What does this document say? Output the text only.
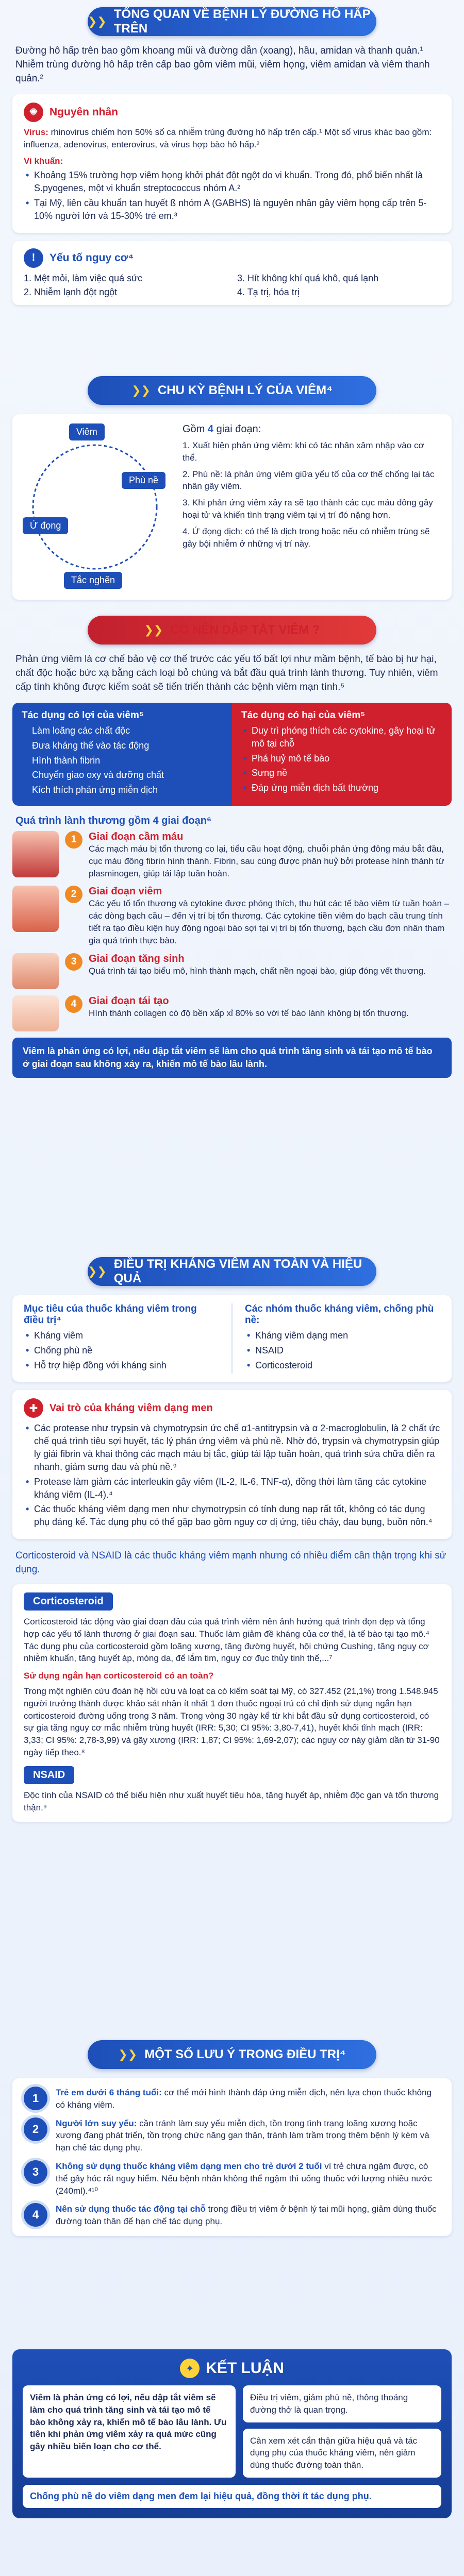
❯❯
TỔNG QUAN VỀ BỆNH LÝ ĐƯỜNG HÔ HẤP TRÊN

Đường hô hấp trên bao gồm khoang mũi và đường dẫn (xoang), hầu, amidan và thanh quản.¹ Nhiễm trùng đường hô hấp trên cấp bao gồm viêm mũi, viêm họng, viêm amidan và viêm thanh quản.²

✺	Nguyên nhân

Virus: rhinovirus chiếm hơn 50% số ca nhiễm trùng đường hô hấp trên cấp.¹ Một số virus khác bao gồm: influenza, adenovirus, enterovirus, và virus hợp bào hô hấp.²

Vi khuẩn:

• Khoảng 15% trường hợp viêm họng khởi phát đột ngột do vi khuẩn. Trong đó, phổ biến nhất là S.pyogenes, một vi khuẩn streptococcus nhóm A.²
• Tại Mỹ, liên cầu khuẩn tan huyết ß nhóm A (GABHS) là nguyên nhân gây viêm họng cấp trên 5-10% người lớn và 15-30% trẻ em.³
!	Yếu tố nguy cơ⁴
1. Mệt mỏi, làm việc quá sức	3. Hít không khí quá khô, quá lạnh
2. Nhiễm lạnh đột ngột	4. Tạ trị, hóa trị
❯❯ CHU KỲ BỆNH LÝ CỦA VIÊM⁴
Viêm
Phù nề
Ứ đọng
Tắc nghẽn

Gồm 4 giai đoạn:

1. Xuất hiện phản ứng viêm: khi có tác nhân xâm nhập vào cơ thể.

2. Phù nề: là phản ứng viêm giữa yếu tố của cơ thể chống lại tác nhân gây viêm.

3. Khi phản ứng viêm xảy ra sẽ tạo thành các cục máu đông gây hoại tử và khiến tình trạng viêm tại vị trí đó nặng hơn.

4. Ứ đọng dịch: có thể là dịch trong hoặc nếu có nhiễm trùng sẽ gây bội nhiễm ở những vị trí này.

❯❯ CÓ NÊN DẬP TẮT VIÊM ?

Phản ứng viêm là cơ chế bảo vệ cơ thể trước các yếu tố bất lợi như mầm bệnh, tế bào bị hư hại, chất độc hoặc bức xạ bằng cách loại bỏ chúng và bắt đầu quá trình lành thương. Tuy nhiên, viêm cấp tính không được kiểm soát sẽ tiến triển thành các bệnh viêm mạn tính.⁵

Tác dụng có lợi của viêm⁵

• Làm loãng các chất độc
• Đưa kháng thể vào tác động
• Hình thành fibrin
• Chuyển giao oxy và dưỡng chất
• Kích thích phản ứng miễn dịch

Tác dụng có hại của viêm⁵

• Duy trì phóng thích các cytokine, gây hoại tử mô tại chỗ
• Phá huỷ mô tế bào
• Sưng nề
• Đáp ứng miễn dịch bất thường

Quá trình lành thương gồm 4 giai đoạn⁶

1	Giai đoạn cầm máu

Các mạch máu bị tổn thương co lại, tiểu cầu hoạt động, chuỗi phản ứng đông máu bắt đầu, cục máu đông fibrin hình thành. Fibrin, sau cùng được phân huỷ bởi protease hình thành từ plasminogen, giúp tái lập tuần hoàn.

2	Giai đoạn viêm

Các yếu tố tổn thương và cytokine được phóng thích, thu hút các tế bào viêm từ tuần hoàn – các dòng bạch cầu – đến vị trí bị tổn thương. Các cytokine tiền viêm do bạch cầu trung tính tiết ra tạo điều kiện huy động ngoại bào sợi tại vị trí bị tổn thương, bạch cầu đơn nhân tham gia quá trình thực bào.

3	Giai đoạn tăng sinh

Quá trình tái tạo biểu mô, hình thành mạch, chất nền ngoại bào, giúp đóng vết thương.

4	Giai đoạn tái tạo

Hình thành collagen có độ bền xấp xỉ 80% so với tế bào lành không bị tổn thương.

Viêm là phản ứng có lợi, nếu dập tắt viêm sẽ làm cho quá trình tăng sinh và tái tạo mô tế bào ở giai đoạn sau không xảy ra, khiến mô tế bào lâu lành.
❯❯
ĐIỀU TRỊ KHÁNG VIÊM AN TOÀN VÀ HIỆU QUẢ

Mục tiêu của thuốc kháng viêm trong điều trị⁴

• Kháng viêm
• Chống phù nề
• Hỗ trợ hiệp đồng với kháng sinh

Các nhóm thuốc kháng viêm, chống phù nề:

• Kháng viêm dạng men
• NSAID
• Corticosteroid
✚	Vai trò của kháng viêm dạng men
• Các protease như trypsin và chymotrypsin ức chế α1-antitrypsin và α 2-macroglobulin, là 2 chất ức chế quá trình tiêu sợi huyết, tác lý phản ứng viêm và phù nề. Nhờ đó, trypsin và chymotrypsin giúp ly giải fibrin và khai thông các mạch máu bị tắc, giúp tái lập tuần hoàn, quá trình sửa chữa diễn ra nhanh, giảm sưng đau và phù nề.⁹
• Protease làm giảm các interleukin gây viêm (IL-2, IL-6, TNF-α), đồng thời làm tăng các cytokine kháng viêm (IL-4).⁴
• Các thuốc kháng viêm dạng men như chymotrypsin có tính dung nạp rất tốt, không có tác dụng phụ đáng kể. Tác dụng phụ có thể gặp bao gồm nguy cơ dị ứng, tiêu chảy, đau bụng, buồn nôn.⁴

Corticosteroid và NSAID là các thuốc kháng viêm mạnh nhưng có nhiều điểm cần thận trọng khi sử dụng.

Corticosteroid

Corticosteroid tác động vào giai đoạn đầu của quá trình viêm nên ảnh hưởng quá trình đọn dẹp và tổng hợp các yếu tố lành thương ở giai đoạn sau. Thuốc làm giảm đề kháng của cơ thể, là tế bào tại tạo mô.⁴ Tác dụng phụ của corticosteroid gồm loãng xương, tăng đường huyết, hội chứng Cushing, tăng nguy cơ nhiễm khuẩn, tăng huyết áp, móng da, để lắm tim, nguy cơ đục thủy tinh thể,...⁷

Sử dụng ngắn hạn corticosteroid có an toàn?

Trong một nghiên cứu đoàn hệ hồi cứu và loạt ca có kiểm soát tại Mỹ, có 327.452 (21,1%) trong 1.548.945 người trưởng thành được khảo sát nhận ít nhất 1 đơn thuốc ngoại trú có chỉ định sử dụng ngắn hạn corticosteroid đường uống trong 3 năm. Trong vòng 30 ngày kể từ khi bắt đầu sử dụng corticosteroid, có sự gia tăng nguy cơ mắc nhiễm trùng huyết (IRR: 5,30; CI 95%: 3,80-7,41), huyết khối tĩnh mạch (IRR: 3,33; CI 95%: 2,78-3,99) và gãy xương (IRR: 1,87; CI 95%: 1,69-2,07); các nguy cơ này giảm dần từ 31-90 ngày tiếp theo.⁸

NSAID

Độc tính của NSAID có thể biểu hiện như xuất huyết tiêu hóa, tăng huyết áp, nhiễm độc gan và tổn thương thận.⁹

❯❯ MỘT SỐ LƯU Ý TRONG ĐIỀU TRỊ⁴
1	Trẻ em dưới 6 tháng tuổi: cơ thể mới hình thành đáp ứng miễn dịch, nên lựa chọn thuốc không có kháng viêm.

2	Người lớn suy yếu: cần tránh làm suy yếu miễn dịch, tồn trọng tình trạng loãng xương hoặc xương đang phát triển, tồn trọng chức năng gan thận, tránh làm trầm trọng thêm bệnh lý kèm và hạn chế tác dụng phụ.

3	Không sử dụng thuốc kháng viêm dạng men cho trẻ dưới 2 tuổi vì trẻ chưa ngậm được, có thể gây hóc rất nguy hiểm. Nếu bệnh nhân không thể ngậm thì uống thuốc với lượng nhiều nước (240ml).⁴¹⁰

4	Nên sử dụng thuốc tác động tại chỗ trong điều trị viêm ở bệnh lý tai mũi họng, giảm dùng thuốc đường toàn thân để hạn chế tác dụng phụ.

✦ KẾT LUẬN
Viêm là phản ứng có lợi, nếu dập tắt viêm sẽ làm cho quá trình tăng sinh và tái tạo mô tế bào không xảy ra, khiến mô tế bào lâu lành. Ưu tiên khi phản ứng viêm xảy ra quá mức cũng gây nhiều biến loạn cho cơ thể.
Điều trị viêm, giảm phù nề, thông thoáng đường thở là quan trọng.
Cân xem xét cẩn thận giữa hiệu quả và tác dụng phụ của thuốc kháng viêm, nên giảm dùng thuốc đường toàn thân.
Chống phù nề do viêm dạng men đem lại hiệu quả, đồng thời ít tác dụng phụ.
